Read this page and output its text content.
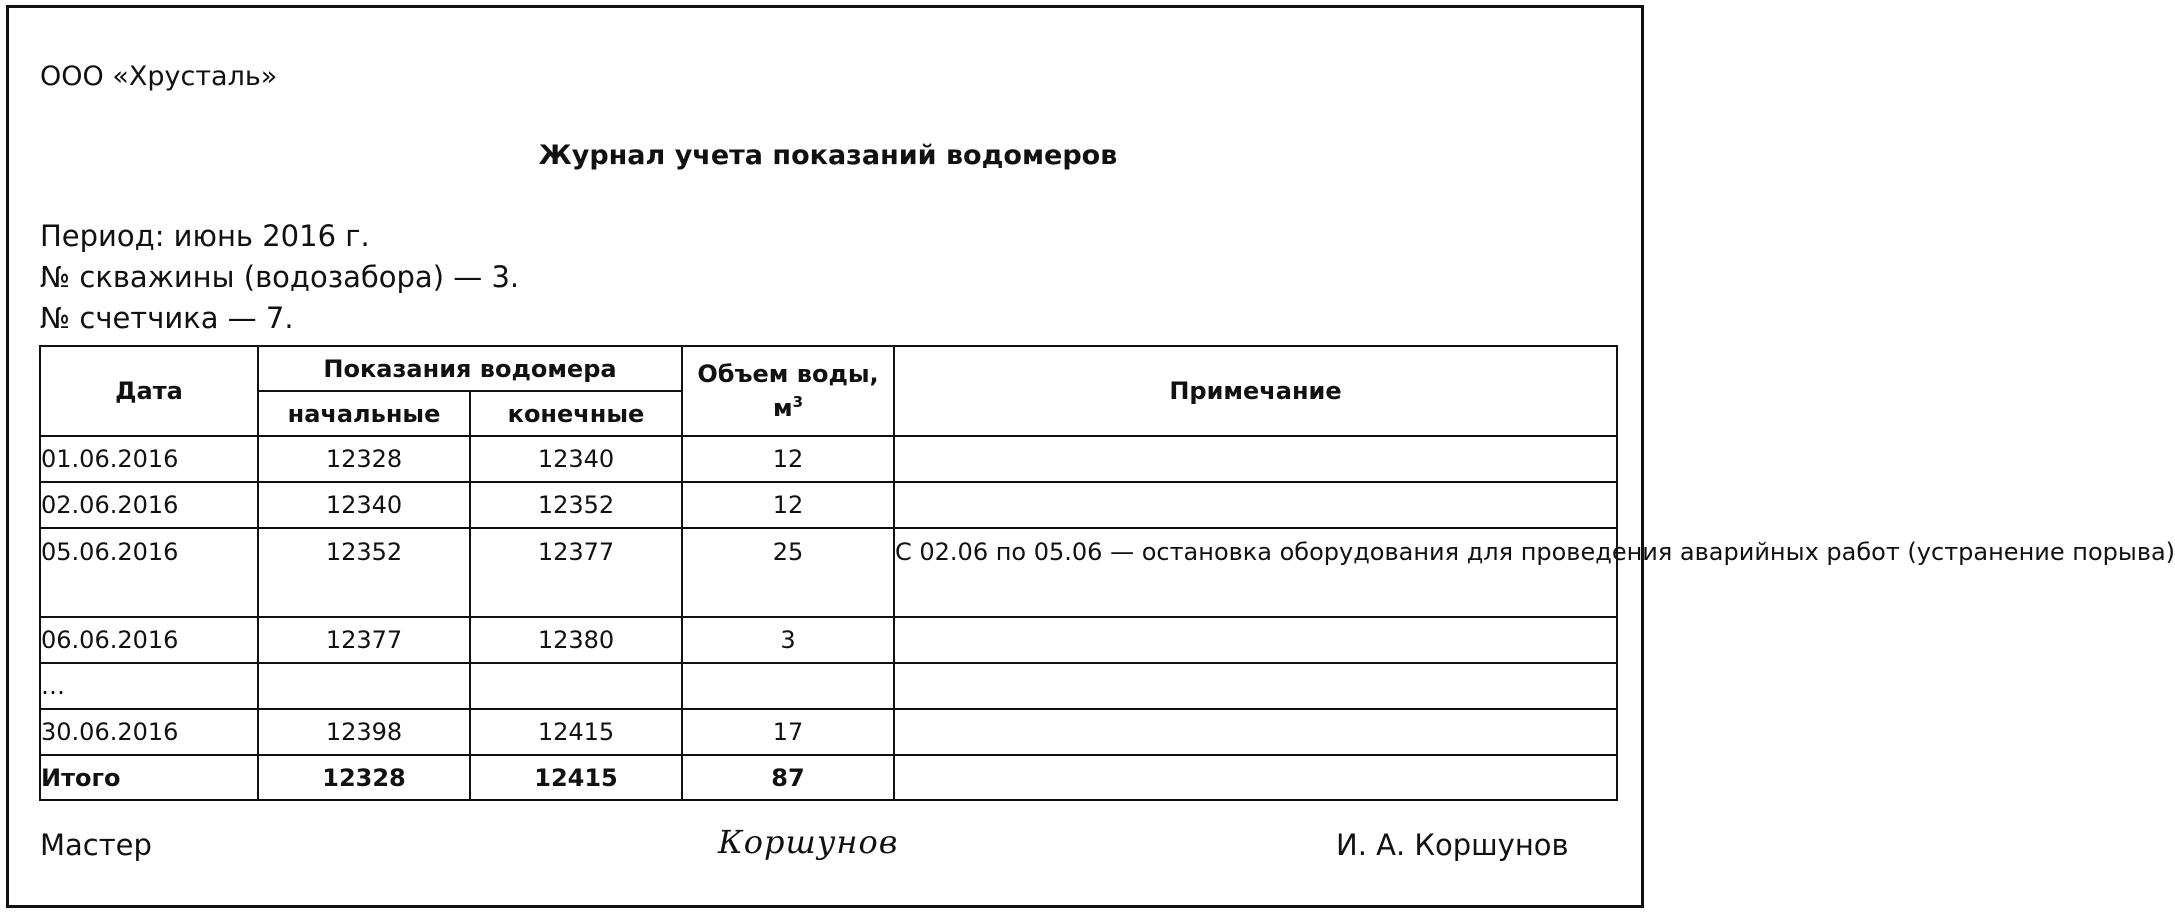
ООО «Хрусталь»
Журнал учета показаний водомеров
Период: июнь 2016 г.
№ скважины (водозабора) — 3.
№ счетчика — 7.
Дата	Показания водомера		Объем воды, $м^3$	Примечание
	начальные	конечные		
01.06.2016	12328	12340	12	
02.06.2016	12340	12352	12	
05.06.2016	12352	12377	25	С 02.06 по 05.06 — остановка оборудования для проведения аварийных работ (устранение порыва)
06.06.2016	12377	12380	3	
…				
30.06.2016	12398	12415	17	
Итого	12328	12415	87	
Мастер	Коршунов	И. А. Коршунов
